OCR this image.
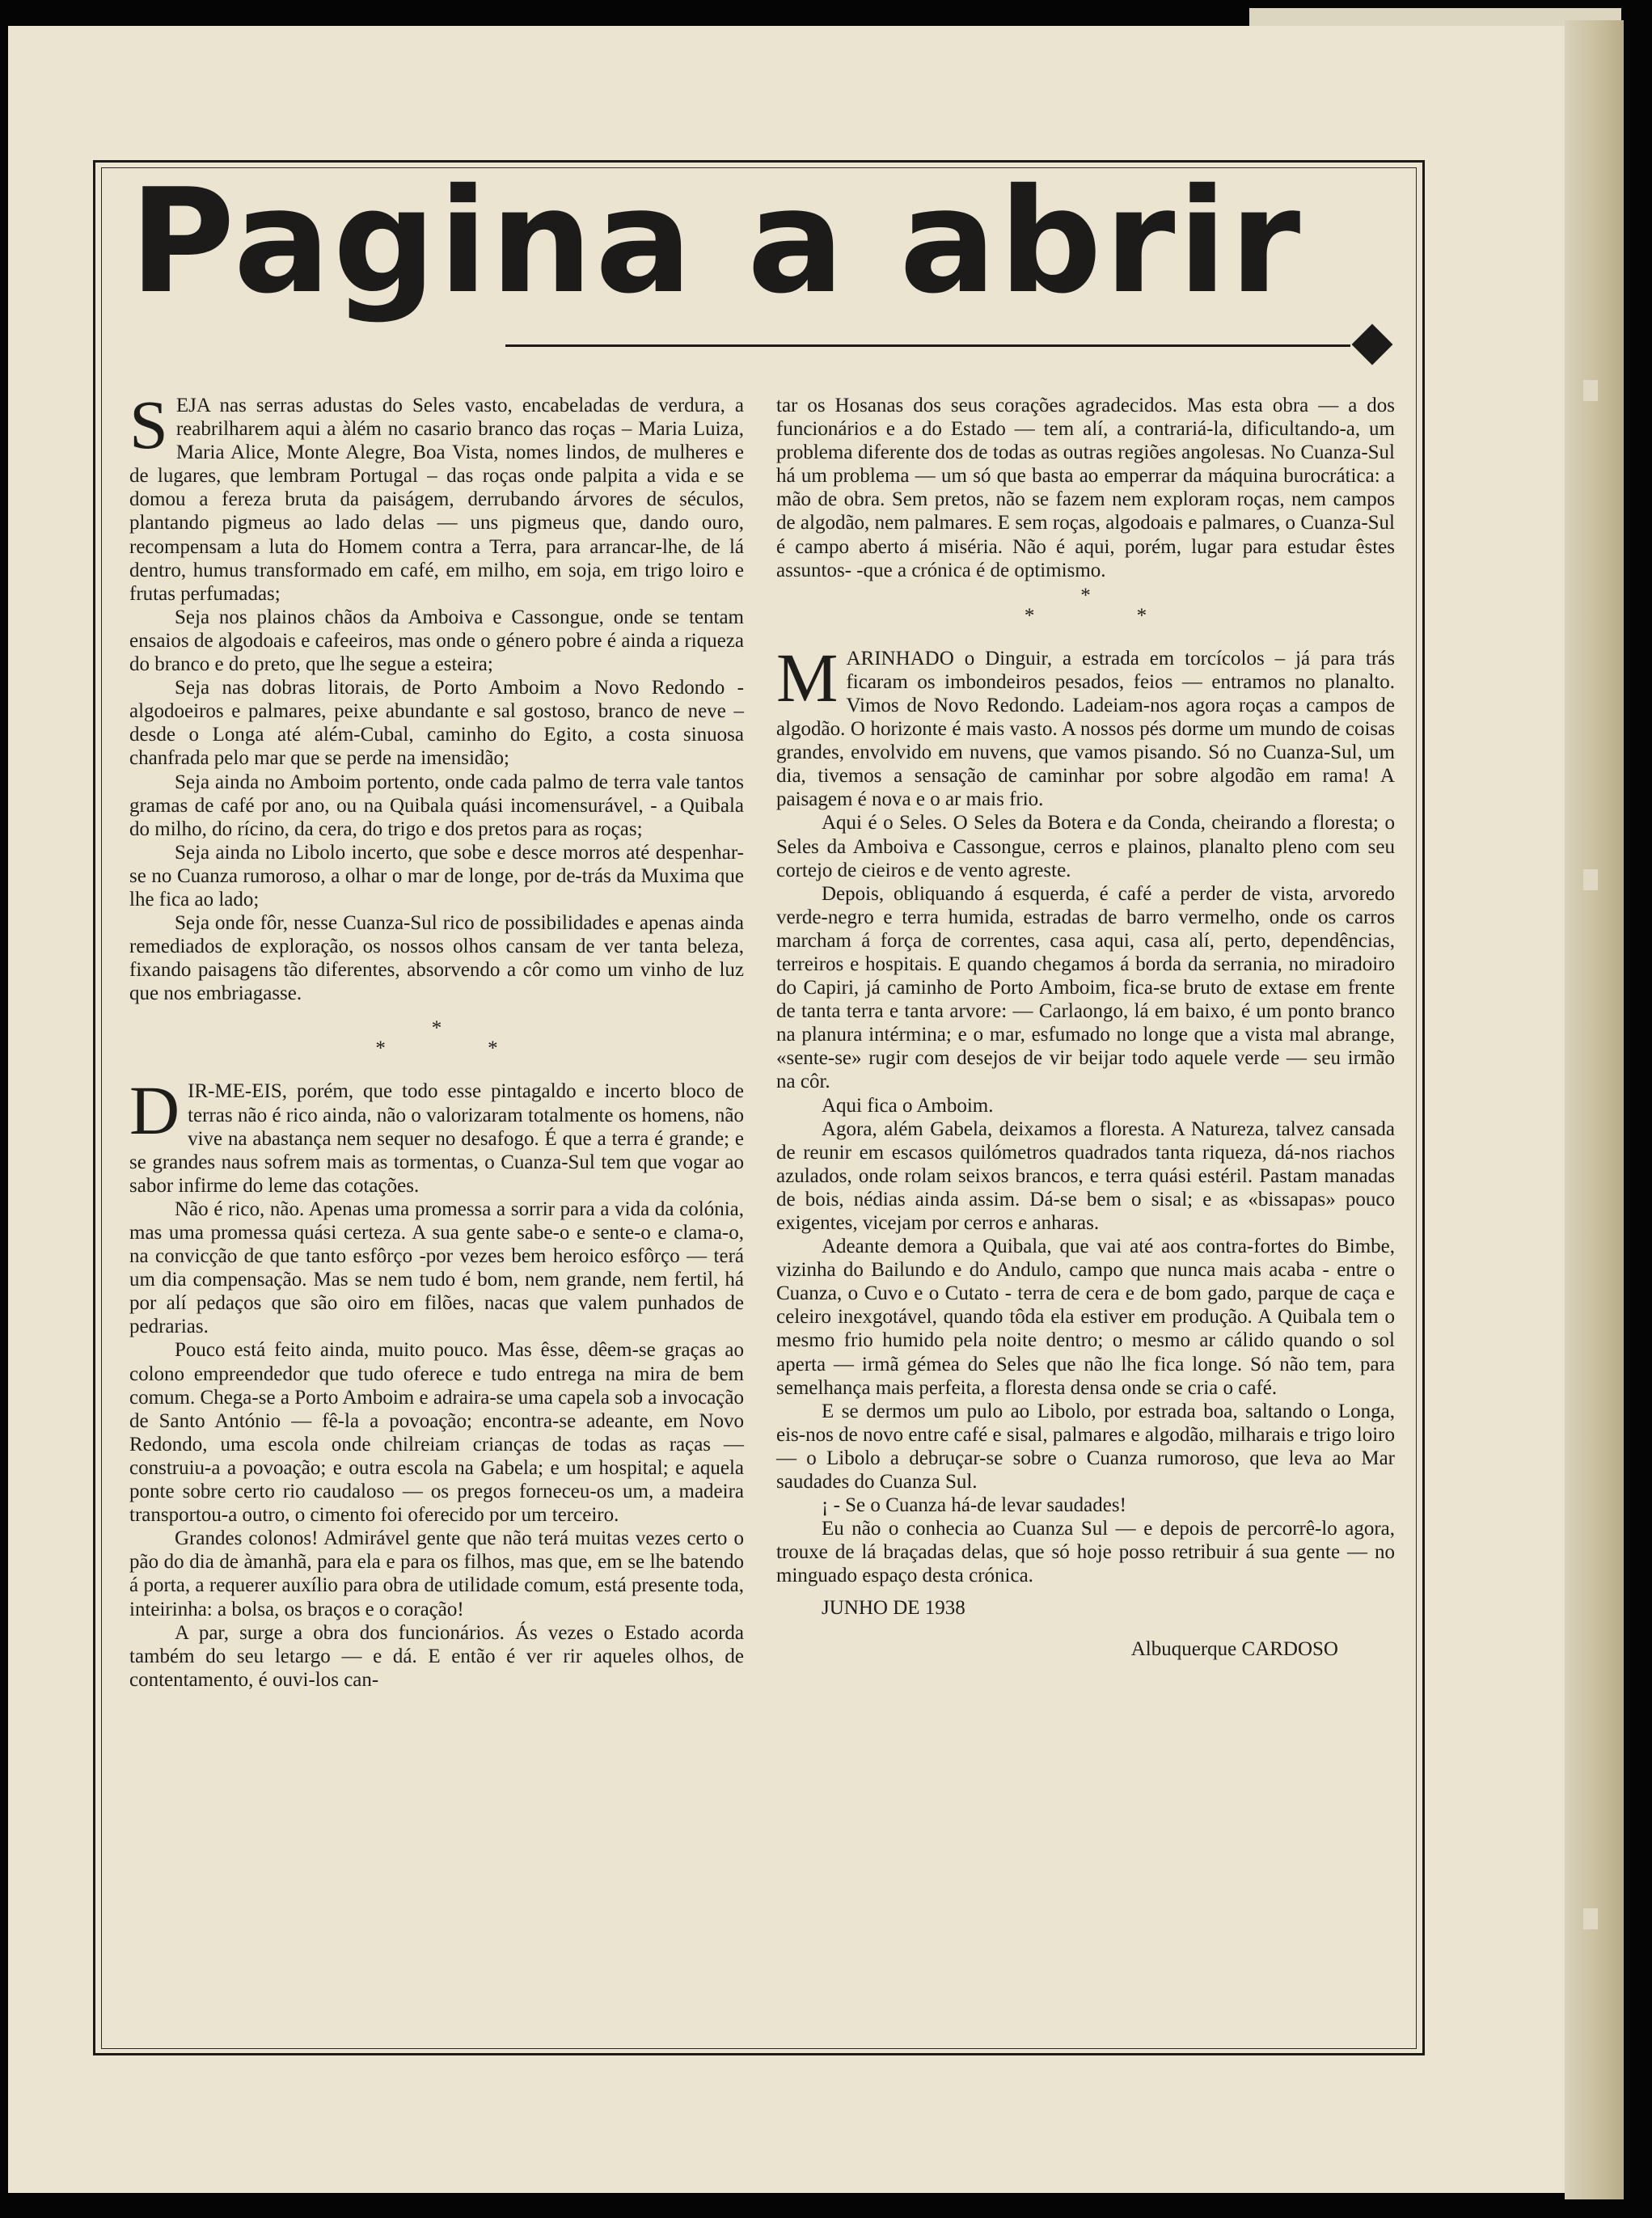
Pagina a abrir

SEJA nas serras adustas do Seles vasto, encabeladas de verdura, a reabrilharem aqui a àlém no casario branco das roças – Maria Luiza, Maria Alice, Monte Alegre, Boa Vista, nomes lindos, de mulheres e de lugares, que lembram Portugal – das roças onde palpita a vida e se domou a fereza bruta da paiságem, derrubando árvores de séculos, plantando pigmeus ao lado delas — uns pigmeus que, dando ouro, recompensam a luta do Homem contra a Terra, para arrancar-lhe, de lá dentro, humus transformado em café, em milho, em soja, em trigo loiro e frutas perfumadas;

Seja nos plainos chãos da Amboiva e Cassongue, onde se tentam ensaios de algodoais e cafeeiros, mas onde o género pobre é ainda a riqueza do branco e do preto, que lhe segue a esteira;

Seja nas dobras litorais, de Porto Amboim a Novo Redondo - algodoeiros e palmares, peixe abundante e sal gostoso, branco de neve – desde o Longa até além-Cubal, caminho do Egito, a costa sinuosa chanfrada pelo mar que se perde na imensidão;

Seja ainda no Amboim portento, onde cada palmo de terra vale tantos gramas de café por ano, ou na Quibala quási incomensurável, - a Quibala do milho, do rícino, da cera, do trigo e dos pretos para as roças;

Seja ainda no Libolo incerto, que sobe e desce morros até despenhar-se no Cuanza rumoroso, a olhar o mar de longe, por de-trás da Muxima que lhe fica ao lado;

Seja onde fôr, nesse Cuanza-Sul rico de possibilidades e apenas ainda remediados de exploração, os nossos olhos cansam de ver tanta beleza, fixando paisagens tão diferentes, absorvendo a côr como um vinho de luz que nos embriagasse.

*
* *

DIR-ME-EIS, porém, que todo esse pintagaldo e incerto bloco de terras não é rico ainda, não o valorizaram totalmente os homens, não vive na abastança nem sequer no desafogo. É que a terra é grande; e se grandes naus sofrem mais as tormentas, o Cuanza-Sul tem que vogar ao sabor infirme do leme das cotações.

Não é rico, não. Apenas uma promessa a sorrir para a vida da colónia, mas uma promessa quási certeza. A sua gente sabe-o e sente-o e clama-o, na convicção de que tanto esfôrço -por vezes bem heroico esfôrço — terá um dia compensação. Mas se nem tudo é bom, nem grande, nem fertil, há por alí pedaços que são oiro em filões, nacas que valem punhados de pedrarias.

Pouco está feito ainda, muito pouco. Mas êsse, dêem-se graças ao colono empreendedor que tudo oferece e tudo entrega na mira de bem comum. Chega-se a Porto Amboim e adraira-se uma capela sob a invocação de Santo António — fê-la a povoação; encontra-se adeante, em Novo Redondo, uma escola onde chilreiam crianças de todas as raças — construiu-a a povoação; e outra escola na Gabela; e um hospital; e aquela ponte sobre certo rio caudaloso — os pregos forneceu-os um, a madeira transportou-a outro, o cimento foi oferecido por um terceiro.

Grandes colonos! Admirável gente que não terá muitas vezes certo o pão do dia de àmanhã, para ela e para os filhos, mas que, em se lhe batendo á porta, a requerer auxílio para obra de utilidade comum, está presente toda, inteirinha: a bolsa, os braços e o coração!

A par, surge a obra dos funcionários. Ás vezes o Estado acorda também do seu letargo — e dá. E então é ver rir aqueles olhos, de contentamento, é ouvi-los can-

tar os Hosanas dos seus corações agradecidos. Mas esta obra — a dos funcionários e a do Estado — tem alí, a contrariá-la, dificultando-a, um problema diferente dos de todas as outras regiões angolesas. No Cuanza-Sul há um problema — um só que basta ao emperrar da máquina burocrática: a mão de obra. Sem pretos, não se fazem nem exploram roças, nem campos de algodão, nem palmares. E sem roças, algodoais e palmares, o Cuanza-Sul é campo aberto á miséria. Não é aqui, porém, lugar para estudar êstes assuntos- -que a crónica é de optimismo.

*
* *

MARINHADO o Dinguir, a estrada em torcícolos – já para trás ficaram os imbondeiros pesados, feios — entramos no planalto. Vimos de Novo Redondo. Ladeiam-nos agora roças a campos de algodão. O horizonte é mais vasto. A nossos pés dorme um mundo de coisas grandes, envolvido em nuvens, que vamos pisando. Só no Cuanza-Sul, um dia, tivemos a sensação de caminhar por sobre algodão em rama! A paisagem é nova e o ar mais frio.

Aqui é o Seles. O Seles da Botera e da Conda, cheirando a floresta; o Seles da Amboiva e Cassongue, cerros e plainos, planalto pleno com seu cortejo de cieiros e de vento agreste.

Depois, obliquando á esquerda, é café a perder de vista, arvoredo verde-negro e terra humida, estradas de barro vermelho, onde os carros marcham á força de correntes, casa aqui, casa alí, perto, dependências, terreiros e hospitais. E quando chegamos á borda da serrania, no miradoiro do Capiri, já caminho de Porto Amboim, fica-se bruto de extase em frente de tanta terra e tanta arvore: — Carlaongo, lá em baixo, é um ponto branco na planura intérmina; e o mar, esfumado no longe que a vista mal abrange, «sente-se» rugir com desejos de vir beijar todo aquele verde — seu irmão na côr.

Aqui fica o Amboim.

Agora, além Gabela, deixamos a floresta. A Natureza, talvez cansada de reunir em escasos quilómetros quadrados tanta riqueza, dá-nos riachos azulados, onde rolam seixos brancos, e terra quási estéril. Pastam manadas de bois, nédias ainda assim. Dá-se bem o sisal; e as «bissapas» pouco exigentes, vicejam por cerros e anharas.

Adeante demora a Quibala, que vai até aos contra-fortes do Bimbe, vizinha do Bailundo e do Andulo, campo que nunca mais acaba - entre o Cuanza, o Cuvo e o Cutato - terra de cera e de bom gado, parque de caça e celeiro inexgotável, quando tôda ela estiver em produção. A Quibala tem o mesmo frio humido pela noite dentro; o mesmo ar cálido quando o sol aperta — irmã gémea do Seles que não lhe fica longe. Só não tem, para semelhança mais perfeita, a floresta densa onde se cria o café.

E se dermos um pulo ao Libolo, por estrada boa, saltando o Longa, eis-nos de novo entre café e sisal, palmares e algodão, milharais e trigo loiro — o Libolo a debruçar-se sobre o Cuanza rumoroso, que leva ao Mar saudades do Cuanza Sul.

¡ - Se o Cuanza há-de levar saudades!

Eu não o conhecia ao Cuanza Sul — e depois de percorrê-lo agora, trouxe de lá braçadas delas, que só hoje posso retribuir á sua gente — no minguado espaço desta crónica.

JUNHO DE 1938

Albuquerque CARDOSO
